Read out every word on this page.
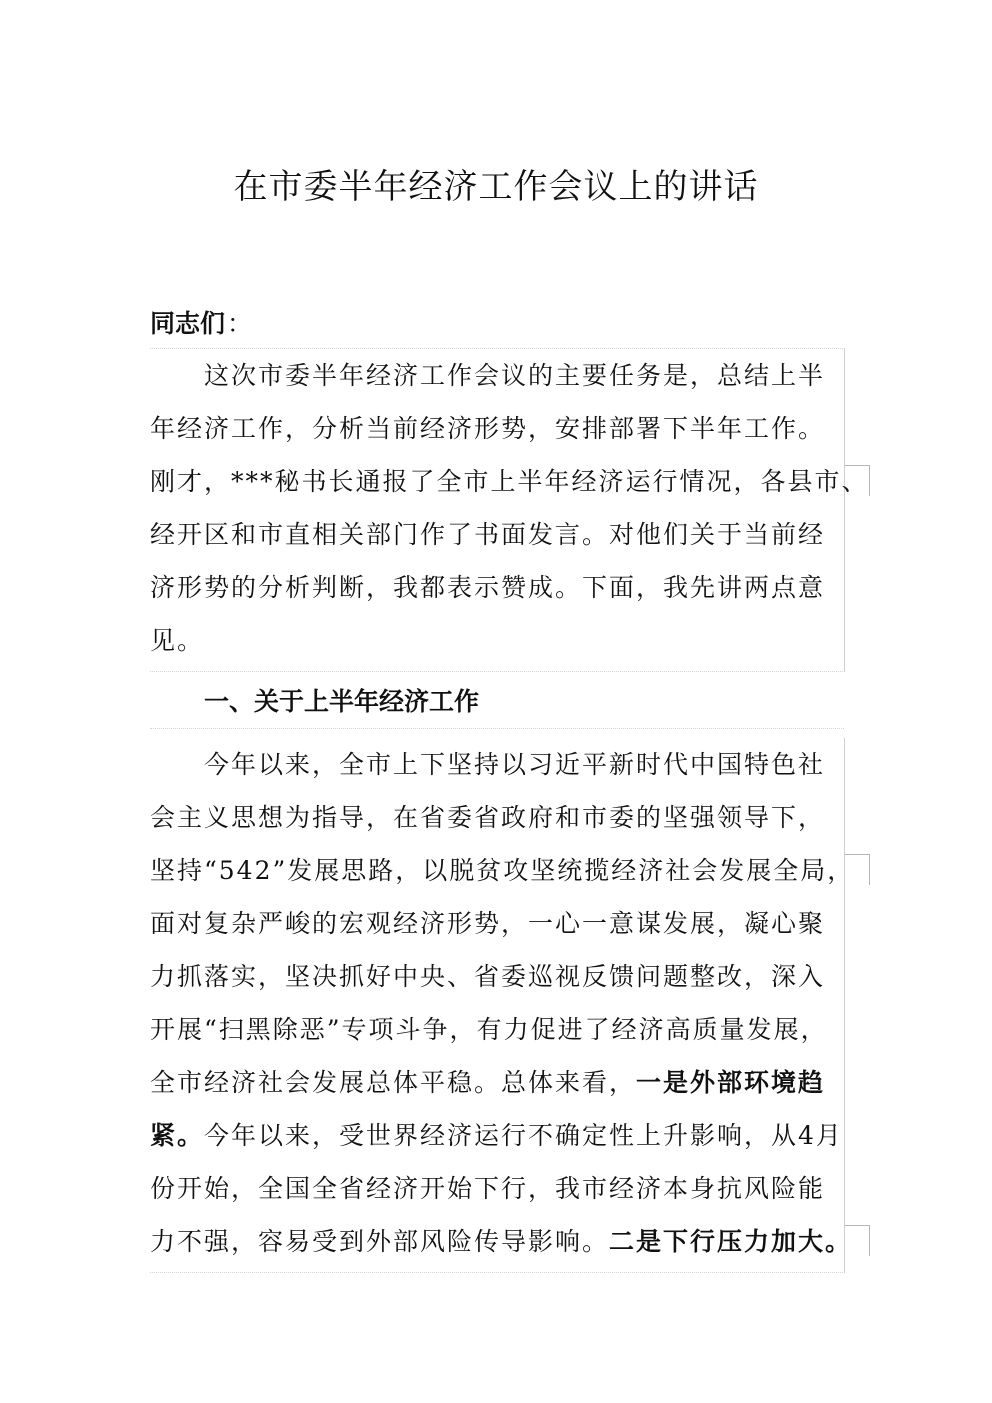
在市委半年经济工作会议上的讲话
同志们：
这次市委半年经济工作会议的主要任务是，总结上半
年经济工作，分析当前经济形势，安排部署下半年工作。
刚才，***秘书长通报了全市上半年经济运行情况，各县市、
经开区和市直相关部门作了书面发言。对他们关于当前经
济形势的分析判断，我都表示赞成。下面，我先讲两点意
见。
一、关于上半年经济工作
今年以来，全市上下坚持以习近平新时代中国特色社
会主义思想为指导，在省委省政府和市委的坚强领导下，
坚持“542”发展思路，以脱贫攻坚统揽经济社会发展全局，
面对复杂严峻的宏观经济形势，一心一意谋发展，凝心聚
力抓落实，坚决抓好中央、省委巡视反馈问题整改，深入
开展“扫黑除恶”专项斗争，有力促进了经济高质量发展，
全市经济社会发展总体平稳。总体来看，一是外部环境趋
紧。今年以来，受世界经济运行不确定性上升影响，从4月
份开始，全国全省经济开始下行，我市经济本身抗风险能
力不强，容易受到外部风险传导影响。二是下行压力加大。
